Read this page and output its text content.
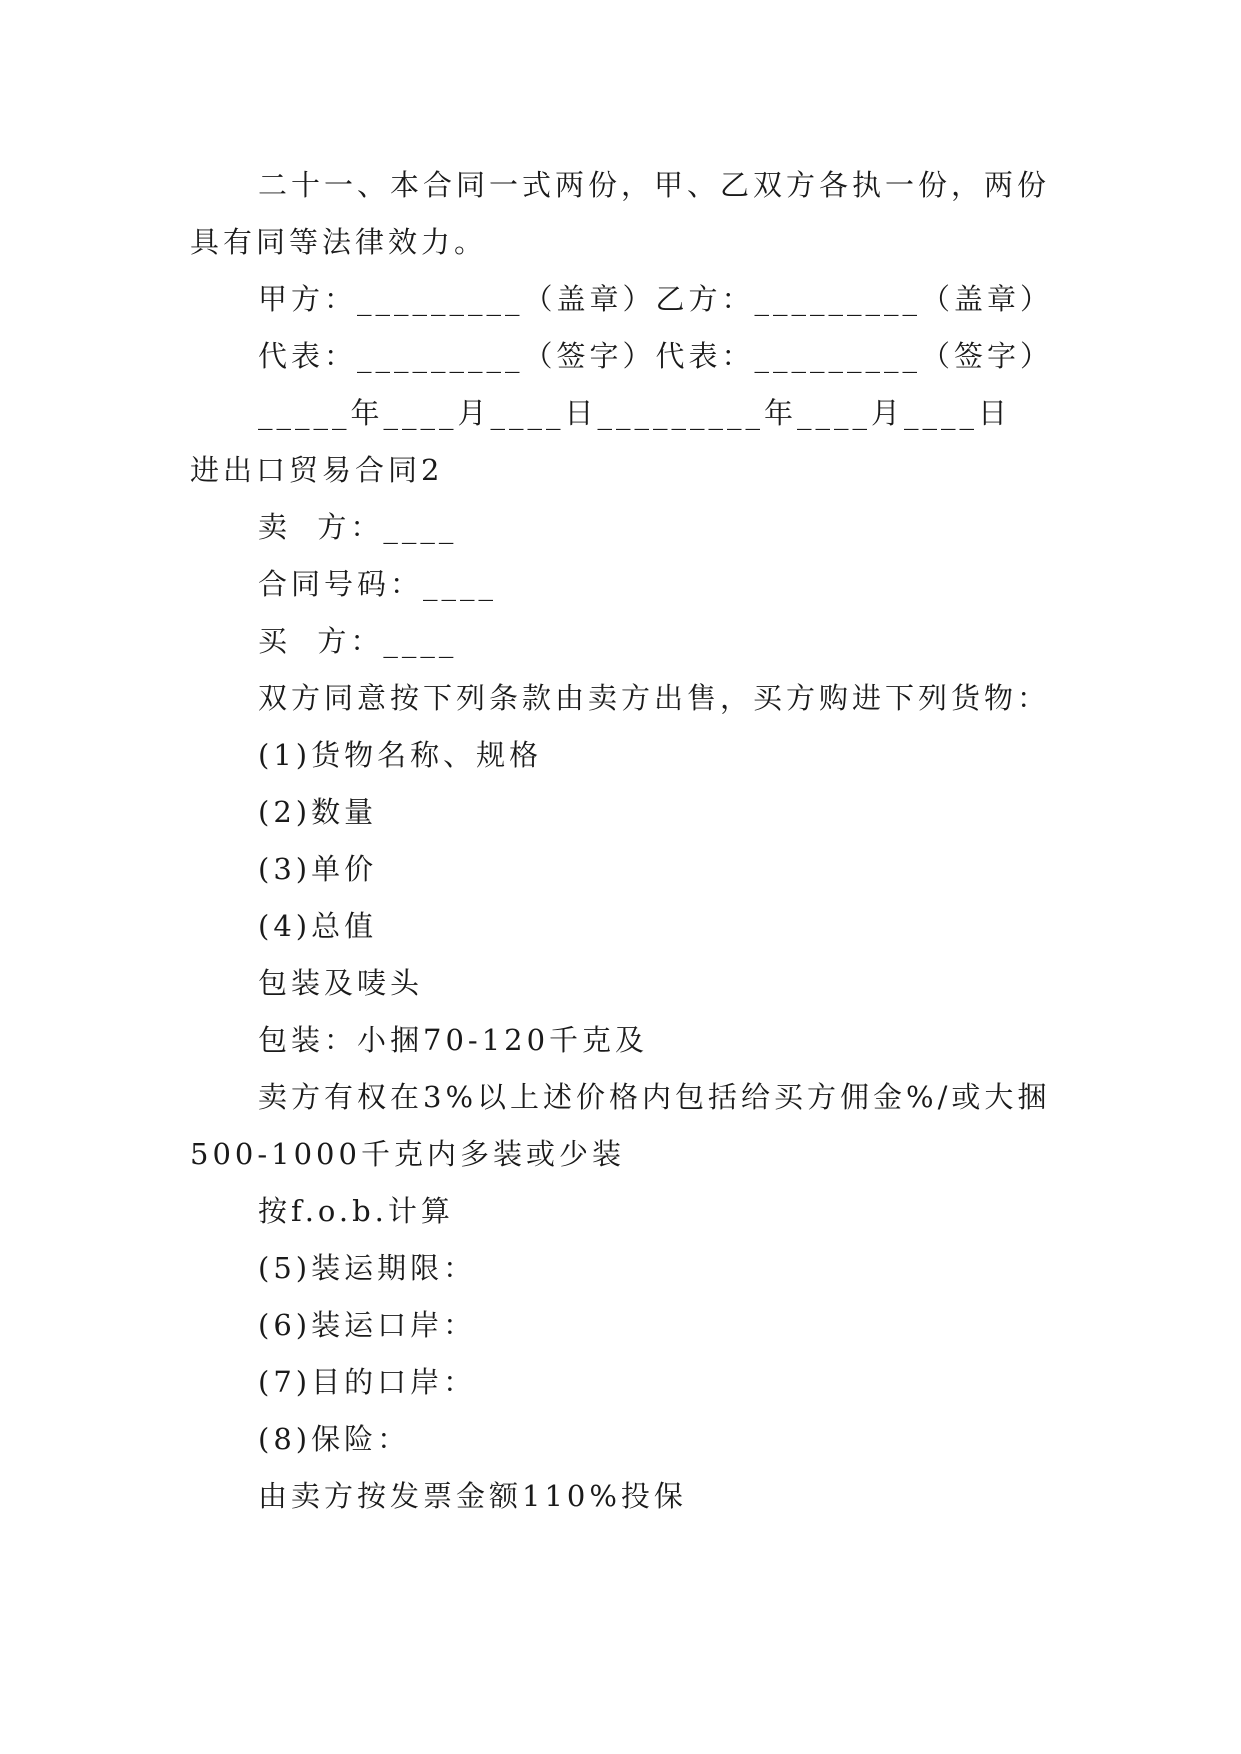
二十一、本合同一式两份，甲、乙双方各执一份，两份
具有同等法律效力。
甲方：_________（盖章）乙方：_________（盖章）
代表：_________（签字）代表：_________（签字）
_____年____月____日_________年____月____日
进出口贸易合同2
卖  方：____
合同号码：____
买  方：____
双方同意按下列条款由卖方出售，买方购进下列货物：
(1)货物名称、规格
(2)数量
(3)单价
(4)总值
包装及唛头
包装：小捆70-120千克及
卖方有权在3%以上述价格内包括给买方佣金%/或大捆
500-1000千克内多装或少装
按f.o.b.计算
(5)装运期限：
(6)装运口岸：
(7)目的口岸：
(8)保险：
由卖方按发票金额110%投保
